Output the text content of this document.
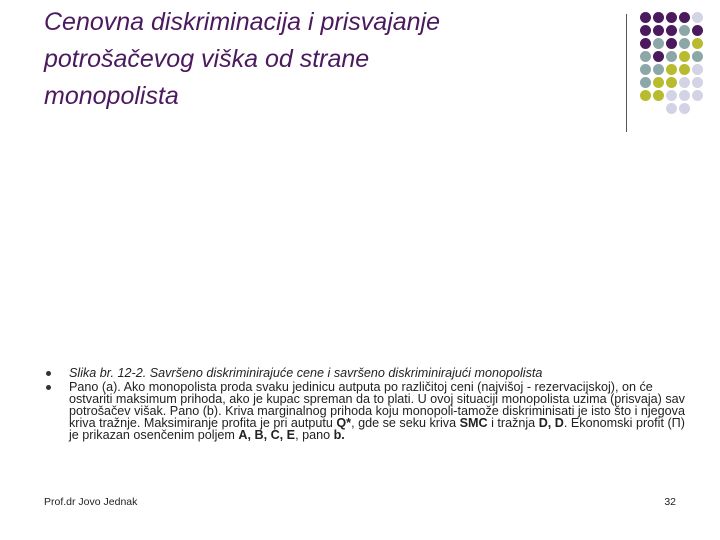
Cenovna diskriminacija i prisvajanje
potrošačevog viška od strane
monopolista
Slika br. 12-2. Savršeno diskriminirajuće cene i savršeno diskriminirajući monopolista
Pano (a). Ako monopolista proda svaku jedinicu autputa po različitoj ceni (najvišoj - rezervacijskoj), on će ostvariti maksimum prihoda, ako je kupac spreman da to plati. U ovoj situaciji monopolista uzima (prisvaja) sav potrošačev višak. Pano (b). Kriva marginalnog prihoda koju monopoli-tamože diskriminisati je isto što i njegova kriva tražnje. Maksimiranje profita je pri autputu Q*, gde se seku kriva SMC i tražnja D, D. Ekonomski profit (Π) je prikazan osenčenim poljem A, B, C, E, pano b.
Prof.dr Jovo Jednak	32
